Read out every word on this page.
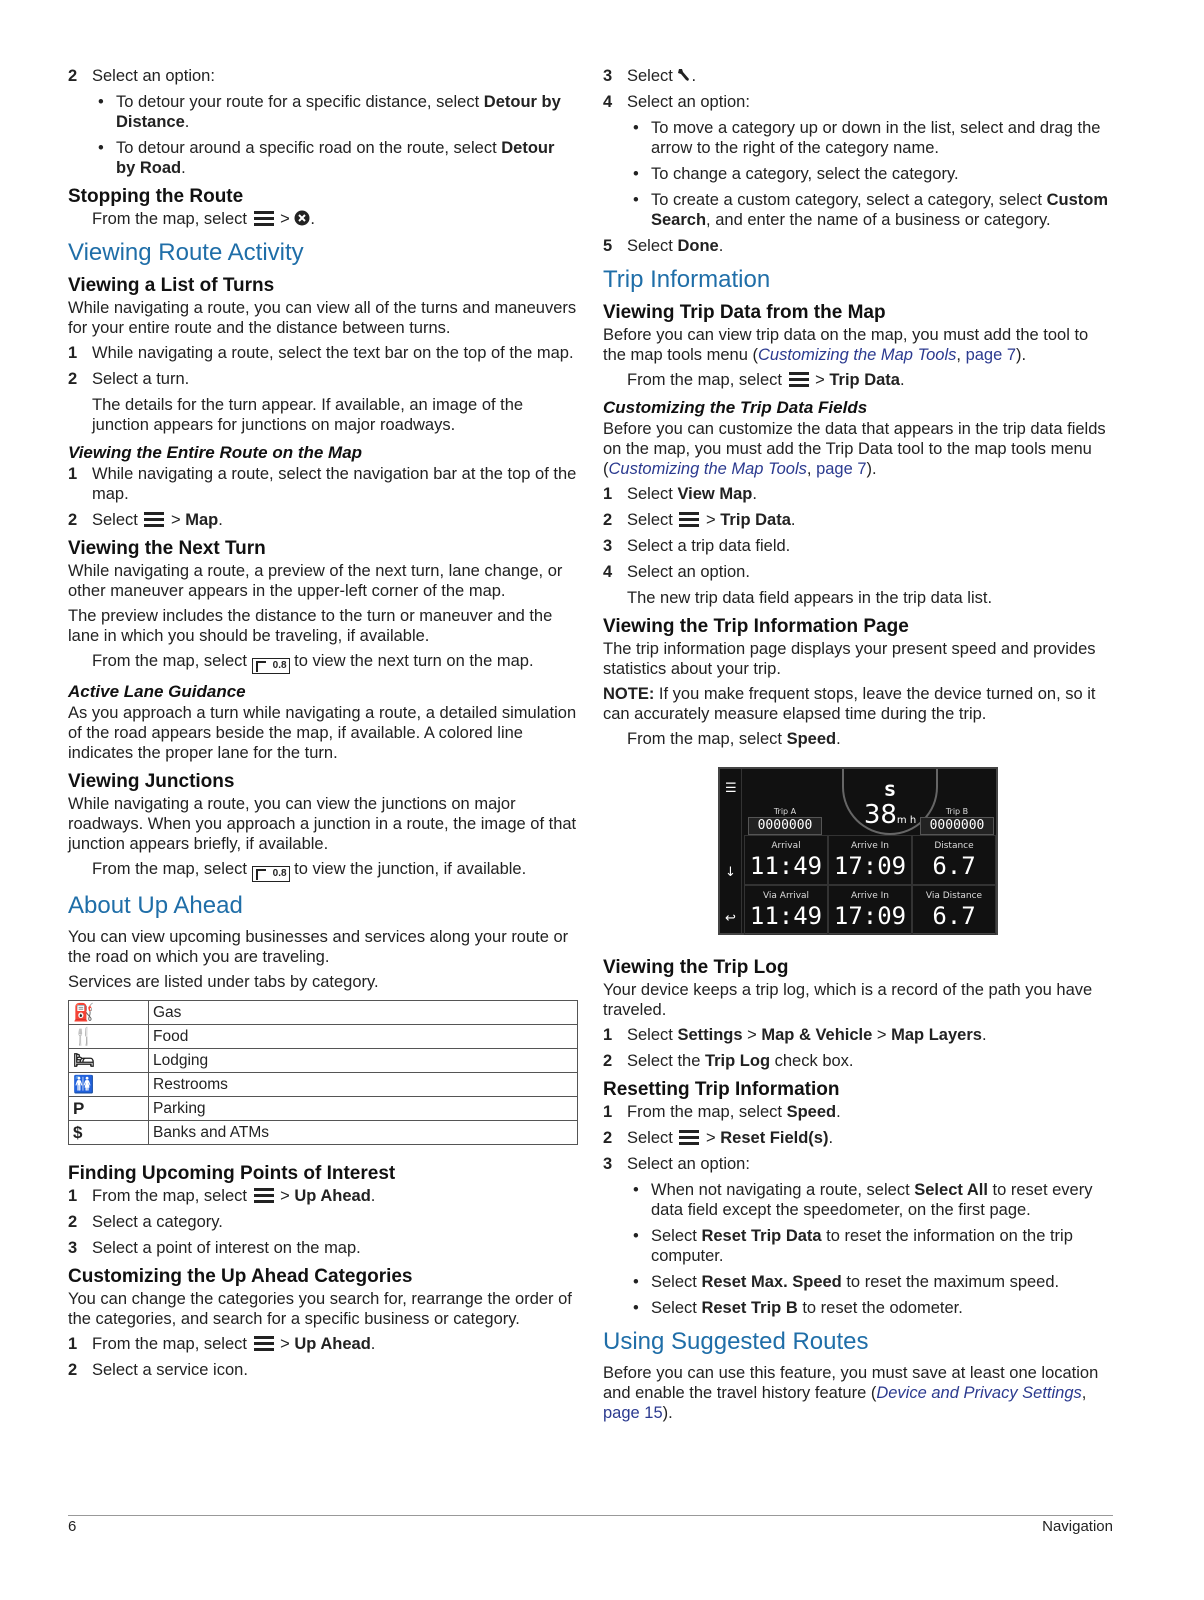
2 Select an option:
• To detour your route for a specific distance, select Detour by Distance.
• To detour around a specific road on the route, select Detour by Road.
Stopping the Route
From the map, select
> .
Viewing Route Activity
Viewing a List of Turns

While navigating a route, you can view all of the turns and maneuvers for your entire route and the distance between turns.

1 While navigating a route, select the text bar on the top of the map.
2 Select a turn.
The details for the turn appear. If available, an image of the junction appears for junctions on major roadways.
Viewing the Entire Route on the Map
1 While navigating a route, select the navigation bar at the top of the map.
2 Select
> Map.
Viewing the Next Turn

While navigating a route, a preview of the next turn, lane change, or other maneuver appears in the upper-left corner of the map.

The preview includes the distance to the turn or maneuver and the lane in which you should be traveling, if available.

From the map, select 0.8 to view the next turn on the map.
Active Lane Guidance

As you approach a turn while navigating a route, a detailed simulation of the road appears beside the map, if available. A colored line indicates the proper lane for the turn.

Viewing Junctions

While navigating a route, you can view the junctions on major roadways. When you approach a junction in a route, the image of that junction appears briefly, if available.

From the map, select 0.8 to view the junction, if available.
About Up Ahead

You can view upcoming businesses and services along your route or the road on which you are traveling.

Services are listed under tabs by category.

⛽	Gas
🍴	Food
🛏	Lodging
🚻	Restrooms
P	Parking
$	Banks and ATMs
Finding Upcoming Points of Interest
1 From the map, select
> Up Ahead.
2 Select a category.
3 Select a point of interest on the map.
Customizing the Up Ahead Categories

You can change the categories you search for, rearrange the order of the categories, and search for a specific business or category.

1 From the map, select
> Up Ahead.
2 Select a service icon.
3 Select .
4 Select an option:
• To move a category up or down in the list, select and drag the arrow to the right of the category name.
• To change a category, select the category.
• To create a custom category, select a category, select Custom Search, and enter the name of a business or category.
5 Select Done.
Trip Information
Viewing Trip Data from the Map

Before you can view trip data on the map, you must add the tool to the map tools menu (Customizing the Map Tools, page 7).

From the map, select
> Trip Data.
Customizing the Trip Data Fields

Before you can customize the data that appears in the trip data fields on the map, you must add the Trip Data tool to the map tools menu (Customizing the Map Tools, page 7).

1 Select View Map.
2 Select
> Trip Data.
3 Select a trip data field.
4 Select an option.
The new trip data field appears in the trip data list.
Viewing the Trip Information Page

The trip information page displays your present speed and provides statistics about your trip.

NOTE: If you make frequent stops, leave the device turned on, so it can accurately measure elapsed time during the trip.

From the map, select Speed.
☰
↓
↩
Trip A
0000000
S
38m h
Trip B
0000000
Arrival
11:49
Arrive In
17:09
Distance
6.7
Via Arrival
11:49
Arrive In
17:09
Via Distance
6.7
Viewing the Trip Log

Your device keeps a trip log, which is a record of the path you have traveled.

1 Select Settings > Map & Vehicle > Map Layers.
2 Select the Trip Log check box.
Resetting Trip Information
1 From the map, select Speed.
2 Select
> Reset Field(s).
3 Select an option:
• When not navigating a route, select Select All to reset every data field except the speedometer, on the first page.
• Select Reset Trip Data to reset the information on the trip computer.
• Select Reset Max. Speed to reset the maximum speed.
• Select Reset Trip B to reset the odometer.
Using Suggested Routes

Before you can use this feature, you must save at least one location and enable the travel history feature (Device and Privacy Settings, page 15).

6	Navigation
